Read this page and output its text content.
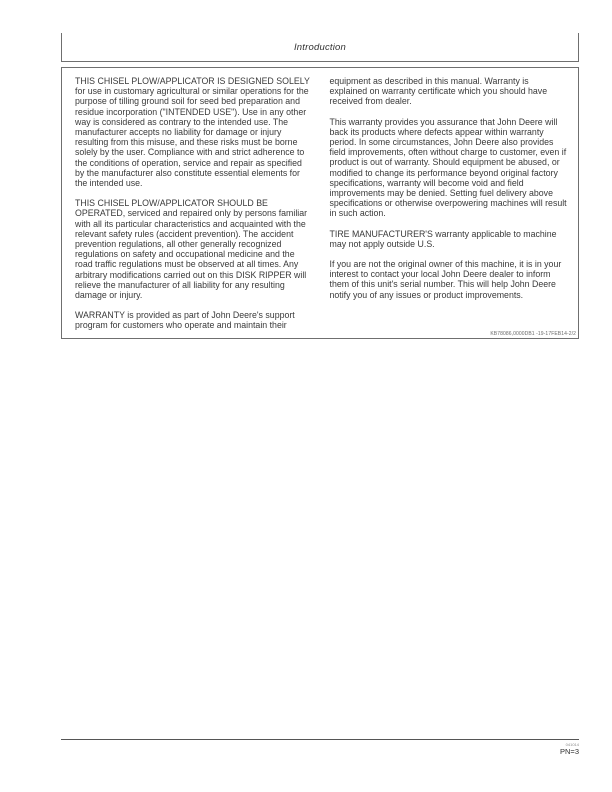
Introduction

THIS CHISEL PLOW/APPLICATOR IS DESIGNED SOLELY for use in customary agricultural or similar operations for the purpose of tilling ground soil for seed bed preparation and residue incorporation ("INTENDED USE"). Use in any other way is considered as contrary to the intended use. The manufacturer accepts no liability for damage or injury resulting from this misuse, and these risks must be borne solely by the user. Compliance with and strict adherence to the conditions of operation, service and repair as specified by the manufacturer also constitute essential elements for the intended use.

THIS CHISEL PLOW/APPLICATOR SHOULD BE OPERATED, serviced and repaired only by persons familiar with all its particular characteristics and acquainted with the relevant safety rules (accident prevention). The accident prevention regulations, all other generally recognized regulations on safety and occupational medicine and the road traffic regulations must be observed at all times. Any arbitrary modifications carried out on this DISK RIPPER will relieve the manufacturer of all liability for any resulting damage or injury.

WARRANTY is provided as part of John Deere's support program for customers who operate and maintain their

equipment as described in this manual. Warranty is explained on warranty certificate which you should have received from dealer.

This warranty provides you assurance that John Deere will back its products where defects appear within warranty period. In some circumstances, John Deere also provides field improvements, often without charge to customer, even if product is out of warranty. Should equipment be abused, or modified to change its performance beyond original factory specifications, warranty will become void and field improvements may be denied. Setting fuel delivery above specifications or otherwise overpowering machines will result in such action.

TIRE MANUFACTURER'S warranty applicable to machine may not apply outside U.S.

If you are not the original owner of this machine, it is in your interest to contact your local John Deere dealer to inform them of this unit's serial number. This will help John Deere notify you of any issues or product improvements.

KB78086,0000DB1 -19-17FEB14-2/2
041014
PN=3
